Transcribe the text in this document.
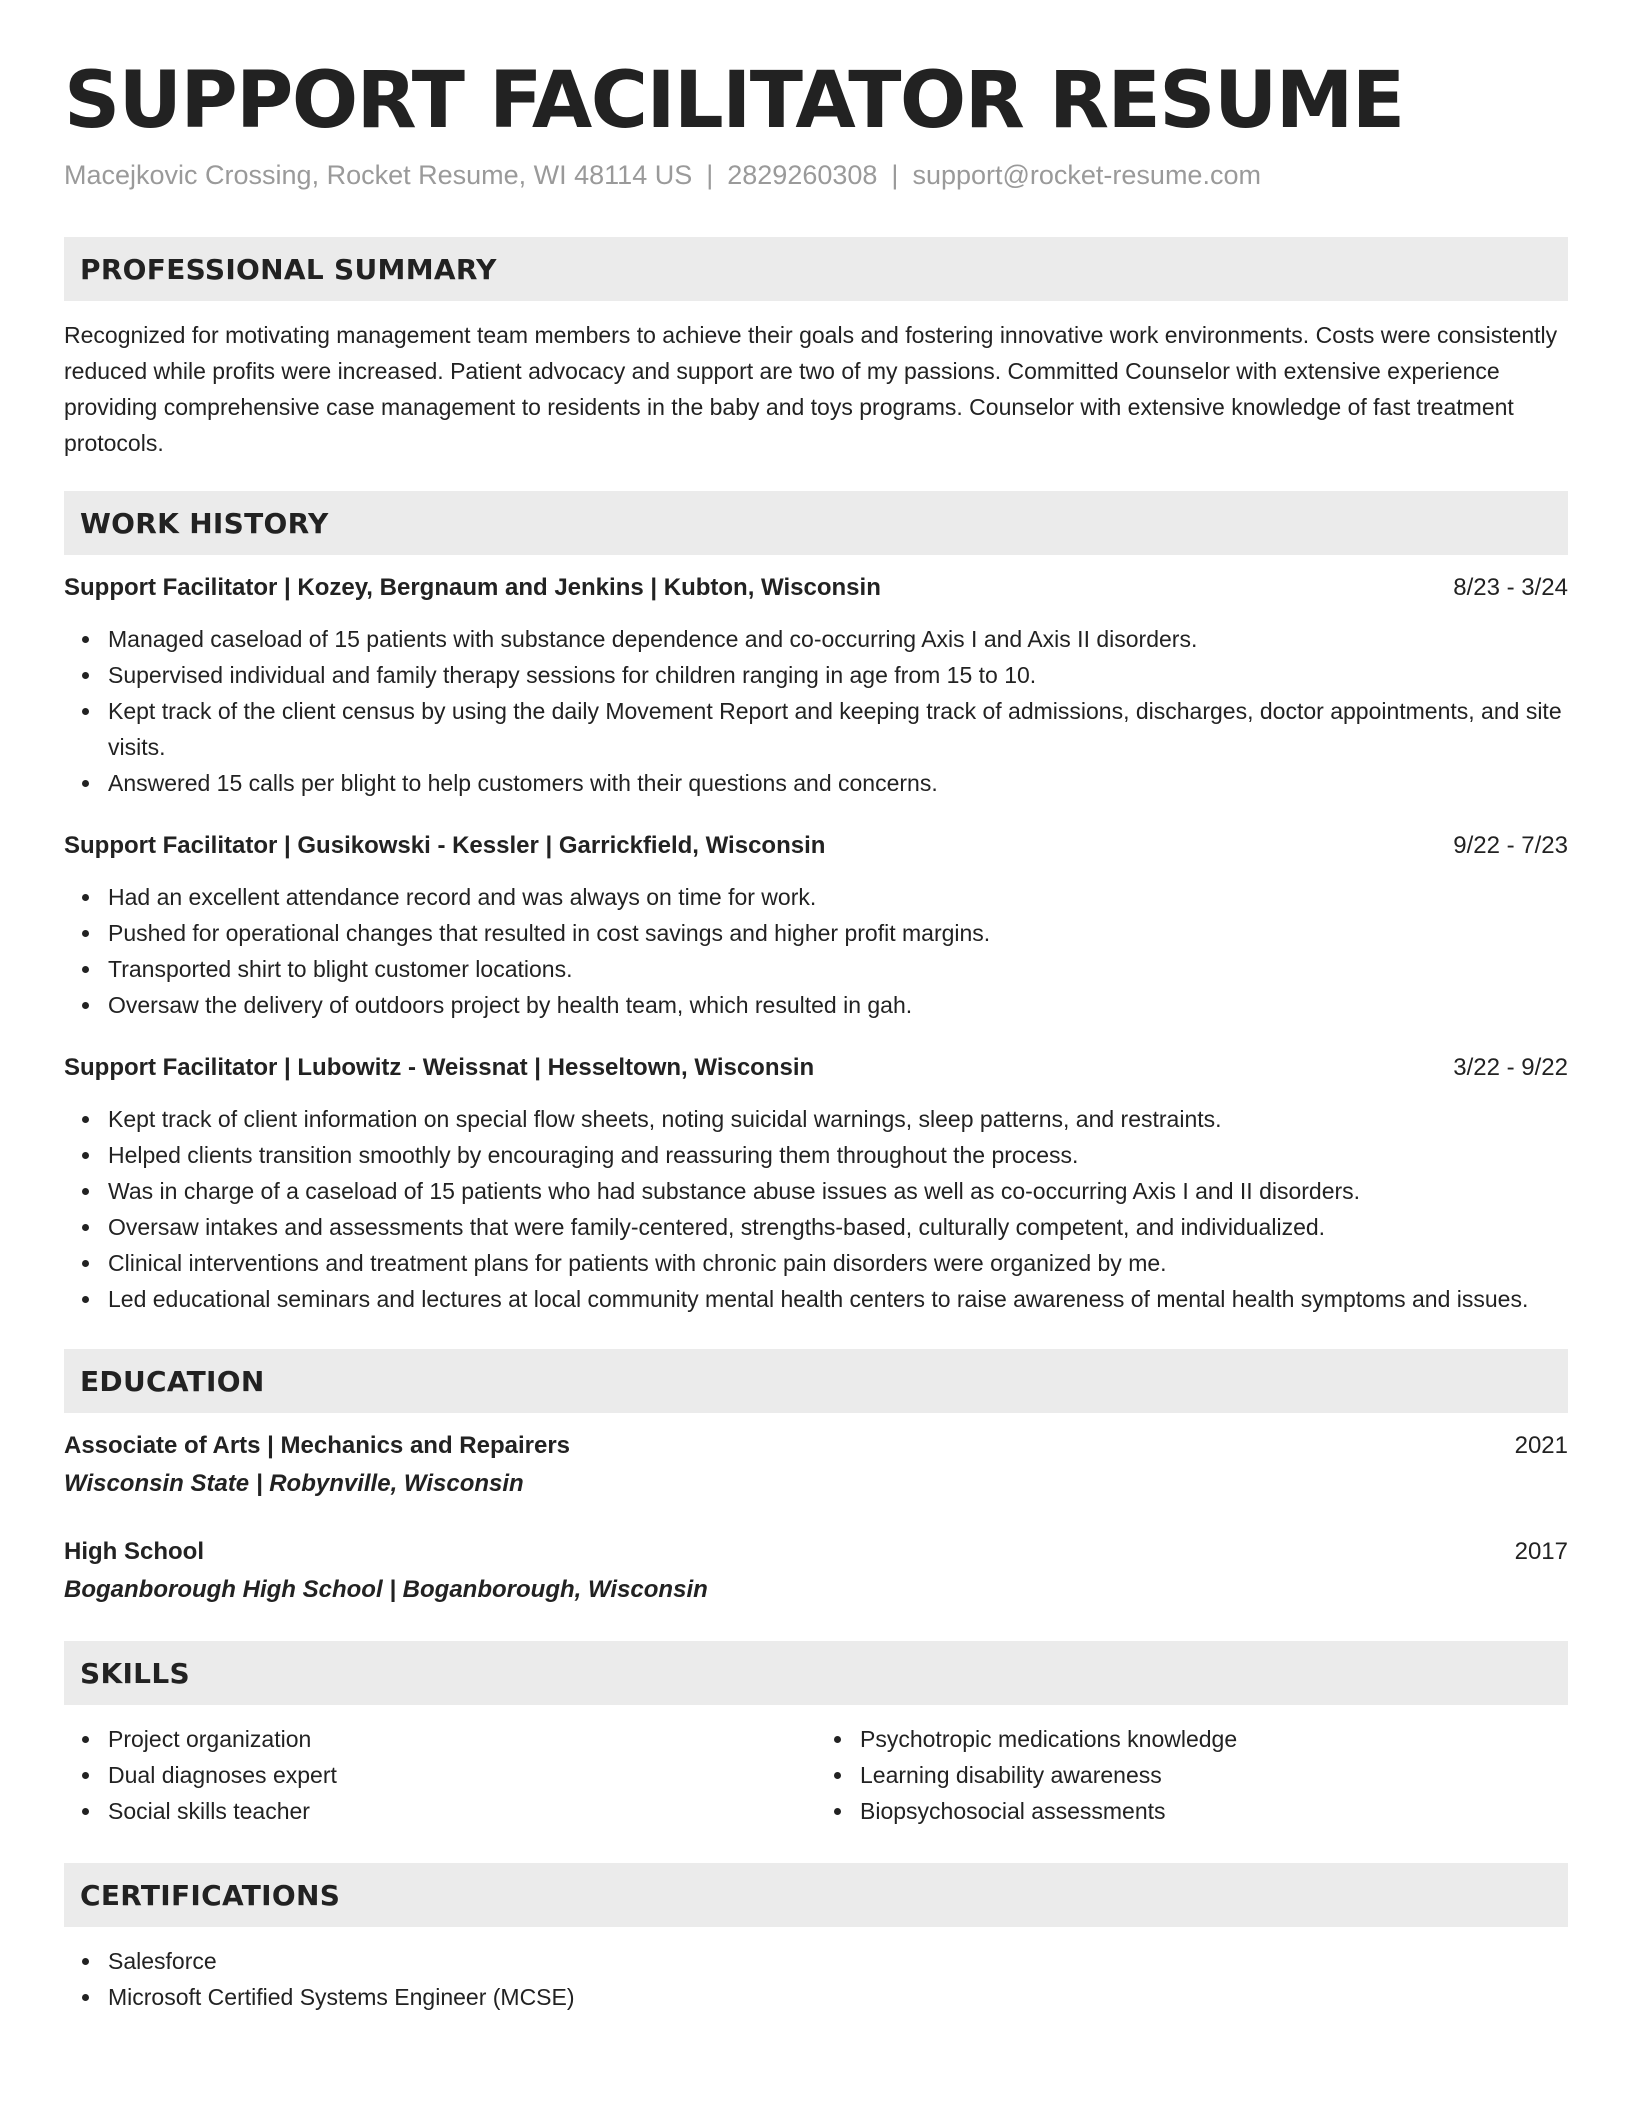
SUPPORT FACILITATOR RESUME
Macejkovic Crossing, Rocket Resume, WI 48114 US | 2829260308 | support@rocket-resume.com
PROFESSIONAL SUMMARY

Recognized for motivating management team members to achieve their goals and fostering innovative work environments. Costs were consistently reduced while profits were increased. Patient advocacy and support are two of my passions. Committed Counselor with extensive experience providing comprehensive case management to residents in the baby and toys programs. Counselor with extensive knowledge of fast treatment protocols.

WORK HISTORY
Support Facilitator | Kozey, Bergnaum and Jenkins | Kubton, Wisconsin	8/23 - 3/24
Managed caseload of 15 patients with substance dependence and co-occurring Axis I and Axis II disorders.
Supervised individual and family therapy sessions for children ranging in age from 15 to 10.
Kept track of the client census by using the daily Movement Report and keeping track of admissions, discharges, doctor appointments, and site visits.
Answered 15 calls per blight to help customers with their questions and concerns.
Support Facilitator | Gusikowski - Kessler | Garrickfield, Wisconsin	9/22 - 7/23
Had an excellent attendance record and was always on time for work.
Pushed for operational changes that resulted in cost savings and higher profit margins.
Transported shirt to blight customer locations.
Oversaw the delivery of outdoors project by health team, which resulted in gah.
Support Facilitator | Lubowitz - Weissnat | Hesseltown, Wisconsin	3/22 - 9/22
Kept track of client information on special flow sheets, noting suicidal warnings, sleep patterns, and restraints.
Helped clients transition smoothly by encouraging and reassuring them throughout the process.
Was in charge of a caseload of 15 patients who had substance abuse issues as well as co-occurring Axis I and II disorders.
Oversaw intakes and assessments that were family-centered, strengths-based, culturally competent, and individualized.
Clinical interventions and treatment plans for patients with chronic pain disorders were organized by me.
Led educational seminars and lectures at local community mental health centers to raise awareness of mental health symptoms and issues.
EDUCATION
Associate of Arts | Mechanics and Repairers	2021
Wisconsin State | Robynville, Wisconsin
High School	2017
Boganborough High School | Boganborough, Wisconsin
SKILLS
Project organization
Dual diagnoses expert
Social skills teacher
Psychotropic medications knowledge
Learning disability awareness
Biopsychosocial assessments
CERTIFICATIONS
Salesforce
Microsoft Certified Systems Engineer (MCSE)
